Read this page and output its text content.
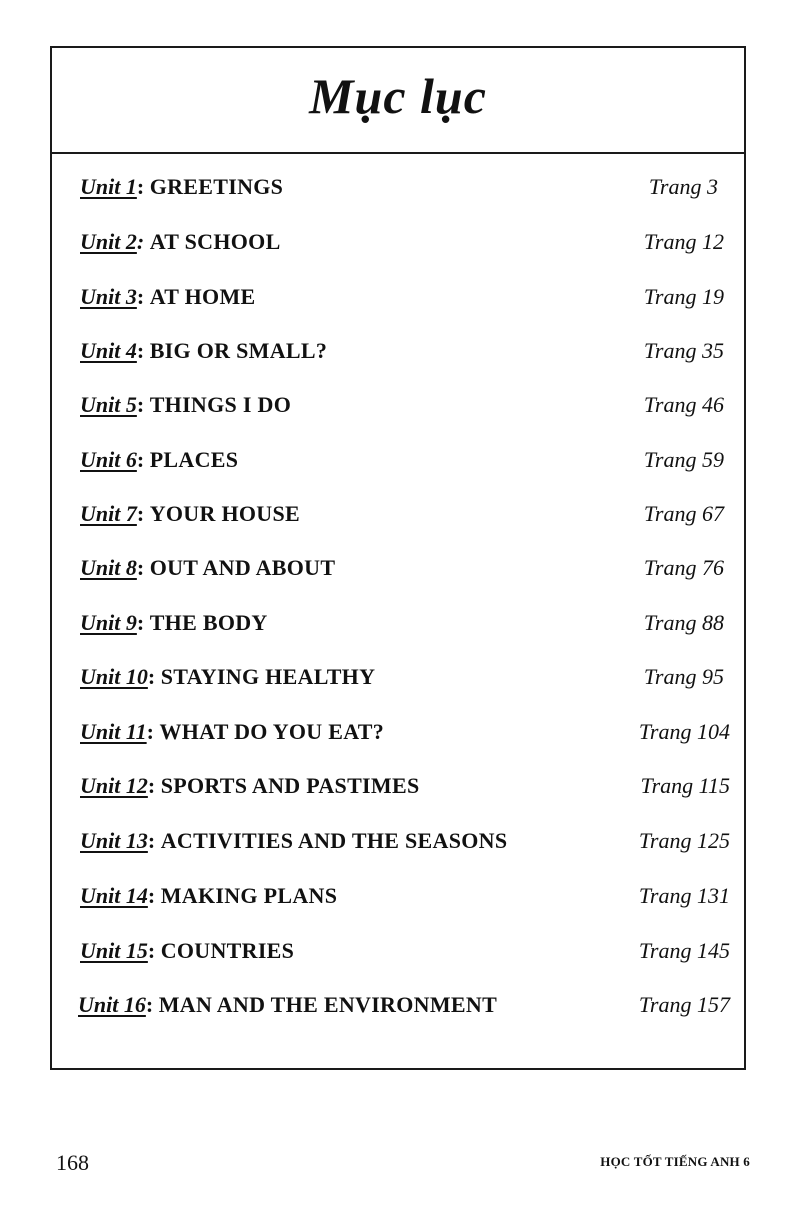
Mục lục
Unit 1: GREETINGS	Trang 3
Unit 2: AT SCHOOL	Trang 12
Unit 3: AT HOME	Trang 19
Unit 4: BIG OR SMALL?	Trang 35
Unit 5: THINGS I DO	Trang 46
Unit 6: PLACES	Trang 59
Unit 7: YOUR HOUSE	Trang 67
Unit 8: OUT AND ABOUT	Trang 76
Unit 9: THE BODY	Trang 88
Unit 10: STAYING HEALTHY	Trang 95
Unit 11: WHAT DO YOU EAT?	Trang 104
Unit 12: SPORTS AND PASTIMES	Trang 115
Unit 13: ACTIVITIES AND THE SEASONS	Trang 125
Unit 14: MAKING PLANS	Trang 131
Unit 15: COUNTRIES	Trang 145
Unit 16: MAN AND THE ENVIRONMENT	Trang 157
168	HỌC TỐT TIẾNG ANH 6
